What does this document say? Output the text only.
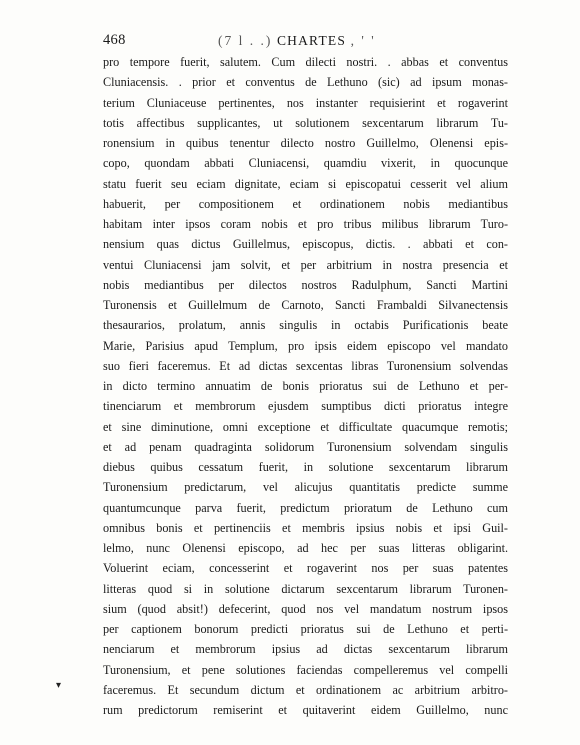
468	(7 l . .) CHARTES , ' '
pro tempore fuerit, salutem. Cum dilecti nostri. . abbas et conventus
Cluniacensis. . prior et conventus de Lethuno (sic) ad ipsum monas-
terium Cluniaceuse pertinentes, nos instanter requisierint et rogaverint
totis affectibus supplicantes, ut solutionem sexcentarum librarum Tu-
ronensium in quibus tenentur dilecto nostro Guillelmo, Olenensi epis-
copo, quondam abbati Cluniacensi, quamdiu vixerit, in quocunque
statu fuerit seu eciam dignitate, eciam si episcopatui cesserit vel alium
habuerit, per compositionem et ordinationem nobis mediantibus
habitam inter ipsos coram nobis et pro tribus milibus librarum Turo-
nensium quas dictus Guillelmus, episcopus, dictis. . abbati et con-
ventui Cluniacensi jam solvit, et per arbitrium in nostra presencia et
nobis mediantibus per dilectos nostros Radulphum, Sancti Martini
Turonensis et Guillelmum de Carnoto, Sancti Frambaldi Silvanectensis
thesaurarios, prolatum, annis singulis in octabis Purificationis beate
Marie, Parisius apud Templum, pro ipsis eidem episcopo vel mandato
suo fieri faceremus. Et ad dictas sexcentas libras Turonensium solvendas
in dicto termino annuatim de bonis prioratus sui de Lethuno et per-
tinenciarum et membrorum ejusdem sumptibus dicti prioratus integre
et sine diminutione, omni exceptione et difficultate quacumque remotis;
et ad penam quadraginta solidorum Turonensium solvendam singulis
diebus quibus cessatum fuerit, in solutione sexcentarum librarum
Turonensium predictarum, vel alicujus quantitatis predicte summe
quantumcunque parva fuerit, predictum prioratum de Lethuno cum
omnibus bonis et pertinenciis et membris ipsius nobis et ipsi Guil-
lelmo, nunc Olenensi episcopo, ad hec per suas litteras obligarint.
Voluerint eciam, concesserint et rogaverint nos per suas patentes
litteras quod si in solutione dictarum sexcentarum librarum Turonen-
sium (quod absit!) defecerint, quod nos vel mandatum nostrum ipsos
per captionem bonorum predicti prioratus sui de Lethuno et perti-
nenciarum et membrorum ipsius ad dictas sexcentarum librarum
Turonensium, et pene solutiones faciendas compelleremus vel compelli
faceremus. Et secundum dictum et ordinationem ac arbitrium arbitro-
rum predictorum remiserint et quitaverint eidem Guillelmo, nunc
▾
